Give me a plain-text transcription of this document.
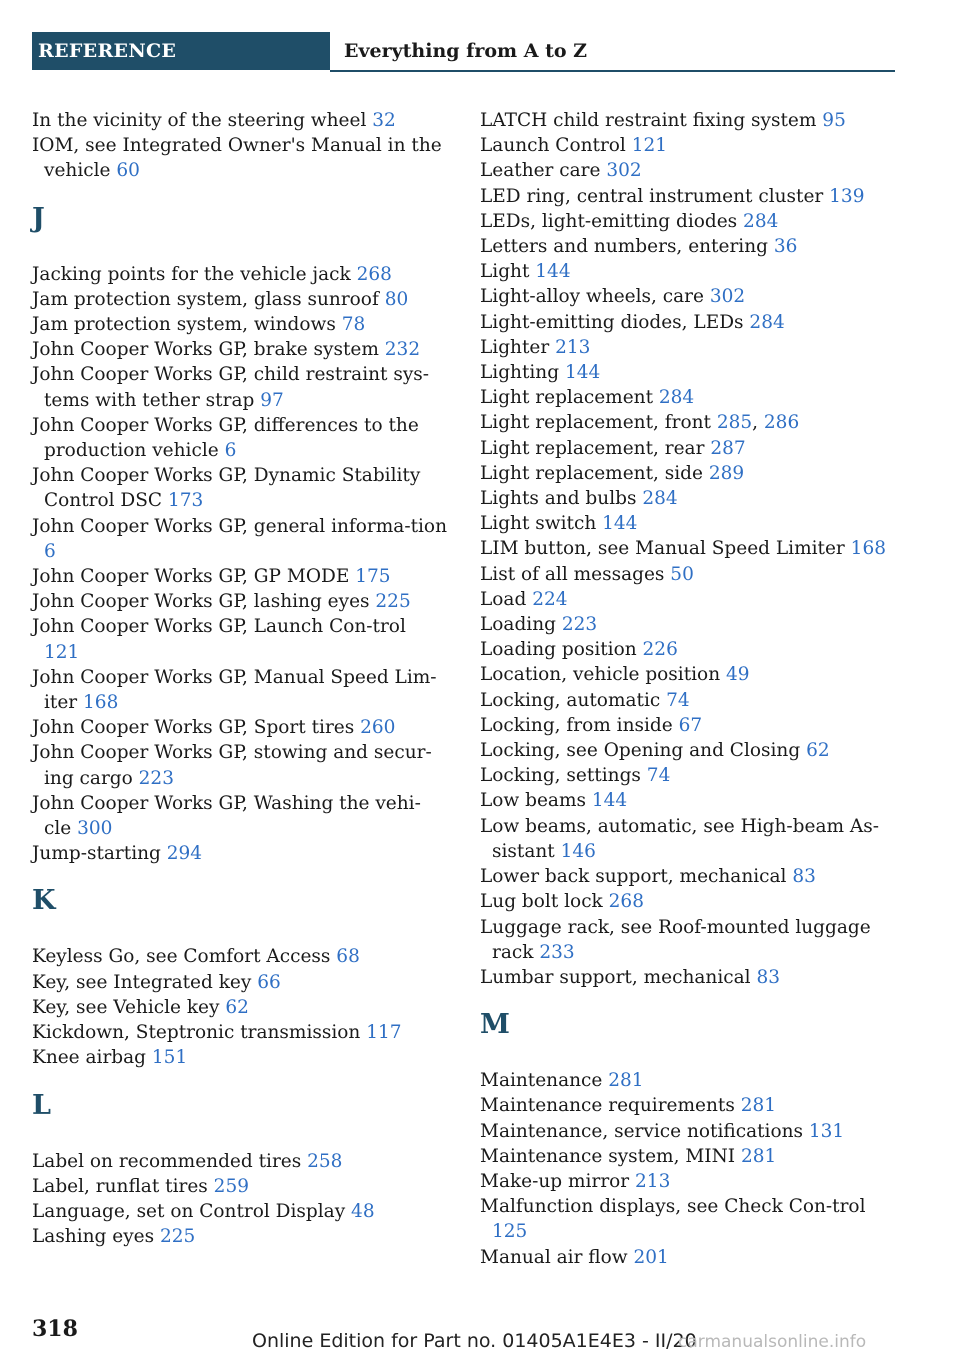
REFERENCE	Everything from A to Z

In the vicinity of the steering wheel 32

IOM, see Integrated Owner's Manual in the vehicle 60

J

Jacking points for the vehicle jack 268

Jam protection system, glass sunroof 80

Jam protection system, windows 78

John Cooper Works GP, brake system 232

John Cooper Works GP, child restraint sys-tems with tether strap 97

John Cooper Works GP, differences to the production vehicle 6

John Cooper Works GP, Dynamic Stability Control DSC 173

John Cooper Works GP, general informa-tion 6

John Cooper Works GP, GP MODE 175

John Cooper Works GP, lashing eyes 225

John Cooper Works GP, Launch Con-trol 121

John Cooper Works GP, Manual Speed Lim-iter 168

John Cooper Works GP, Sport tires 260

John Cooper Works GP, stowing and secur-ing cargo 223

John Cooper Works GP, Washing the vehi-cle 300

Jump-starting 294

K

Keyless Go, see Comfort Access 68

Key, see Integrated key 66

Key, see Vehicle key 62

Kickdown, Steptronic transmission 117

Knee airbag 151

L

Label on recommended tires 258

Label, runflat tires 259

Language, set on Control Display 48

Lashing eyes 225

LATCH child restraint fixing system 95

Launch Control 121

Leather care 302

LED ring, central instrument cluster 139

LEDs, light-emitting diodes 284

Letters and numbers, entering 36

Light 144

Light-alloy wheels, care 302

Light-emitting diodes, LEDs 284

Lighter 213

Lighting 144

Light replacement 284

Light replacement, front 285, 286

Light replacement, rear 287

Light replacement, side 289

Lights and bulbs 284

Light switch 144

LIM button, see Manual Speed Limiter 168

List of all messages 50

Load 224

Loading 223

Loading position 226

Location, vehicle position 49

Locking, automatic 74

Locking, from inside 67

Locking, see Opening and Closing 62

Locking, settings 74

Low beams 144

Low beams, automatic, see High-beam As-sistant 146

Lower back support, mechanical 83

Lug bolt lock 268

Luggage rack, see Roof-mounted luggage rack 233

Lumbar support, mechanical 83

M

Maintenance 281

Maintenance requirements 281

Maintenance, service notifications 131

Maintenance system, MINI 281

Make-up mirror 213

Malfunction displays, see Check Con-trol 125

Manual air flow 201

318	Online Edition for Part no. 01405A1E4E3 - II/20
carmanualsonline.info
